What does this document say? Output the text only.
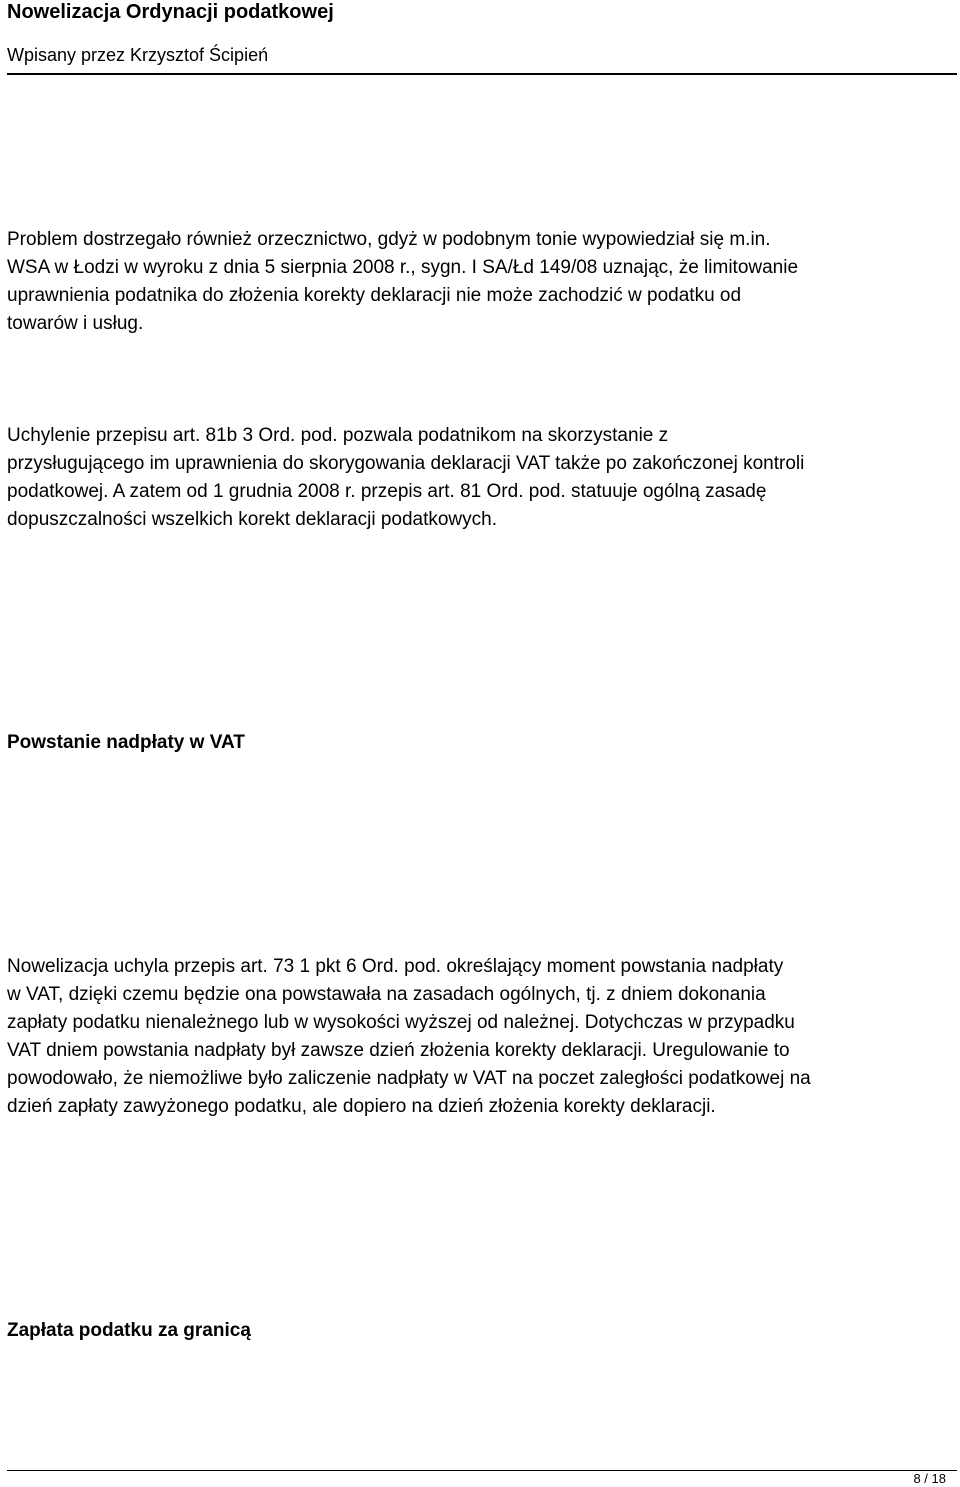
Nowelizacja Ordynacji podatkowej
Wpisany przez Krzysztof Ścipień

Problem dostrzegało również orzecznictwo, gdyż w podobnym tonie wypowiedział się m.in.
WSA w Łodzi w wyroku z dnia 5 sierpnia 2008 r., sygn. I SA/Łd 149/08 uznając, że limitowanie
uprawnienia podatnika do złożenia korekty deklaracji nie może zachodzić w podatku od
towarów i usług.

Uchylenie przepisu art. 81b 3 Ord. pod. pozwala podatnikom na skorzystanie z
przysługującego im uprawnienia do skorygowania deklaracji VAT także po zakończonej kontroli
podatkowej. A zatem od 1 grudnia 2008 r. przepis art. 81 Ord. pod. statuuje ogólną zasadę
dopuszczalności wszelkich korekt deklaracji podatkowych.

Powstanie nadpłaty w VAT

Nowelizacja uchyla przepis art. 73 1 pkt 6 Ord. pod. określający moment powstania nadpłaty
w VAT, dzięki czemu będzie ona powstawała na zasadach ogólnych, tj. z dniem dokonania
zapłaty podatku nienależnego lub w wysokości wyższej od należnej. Dotychczas w przypadku
VAT dniem powstania nadpłaty był zawsze dzień złożenia korekty deklaracji. Uregulowanie to
powodowało, że niemożliwe było zaliczenie nadpłaty w VAT na poczet zaległości podatkowej na
dzień zapłaty zawyżonego podatku, ale dopiero na dzień złożenia korekty deklaracji.

Zapłata podatku za granicą
8 / 18
